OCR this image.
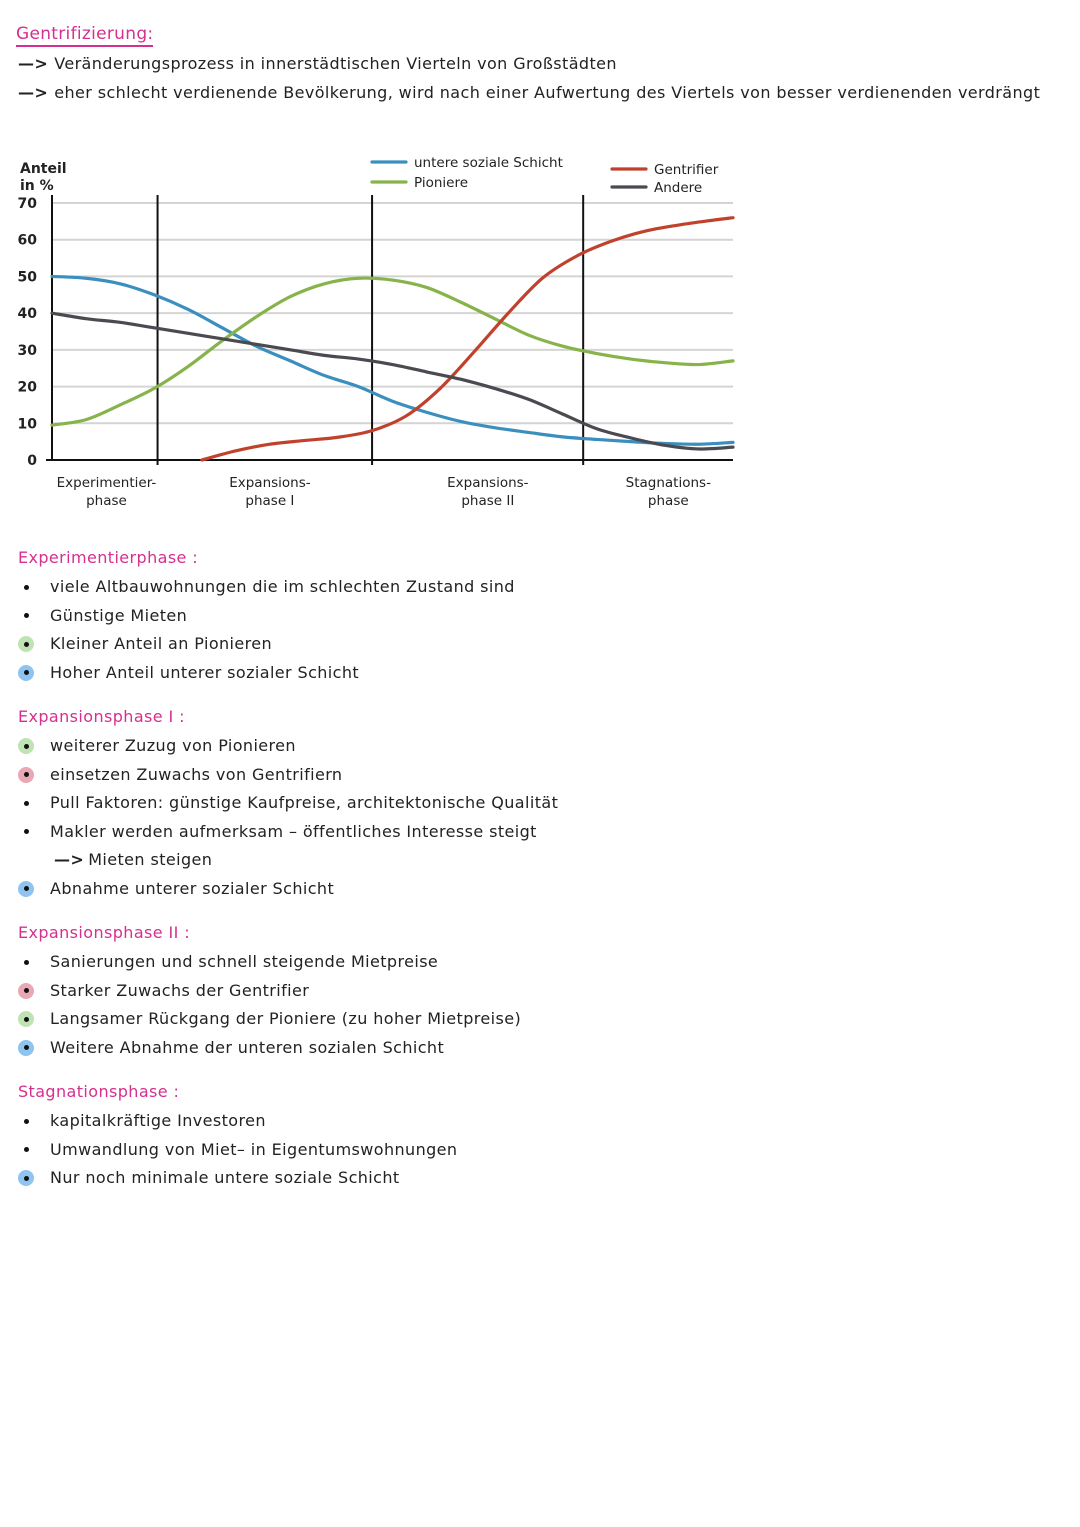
Gentrifizierung:
—> Veränderungsprozess in innerstädtischen Vierteln von Großstädten
—> eher schlecht verdienende Bevölkerung, wird nach einer Aufwertung des Viertels von besser verdienenden verdrängt
0
10
20
30
40
50
60
70
Anteil in %
Experimentier-phase
Expansions-phase I
Expansions-phase II
Stagnations-phase
untere soziale Schicht
Pioniere
Gentrifier
Andere
Experimentierphase :
viele Altbauwohnungen die im schlechten Zustand sind
Günstige Mieten
Kleiner Anteil an Pionieren
Hoher Anteil unterer sozialer Schicht
Expansionsphase I :
weiterer Zuzug von Pionieren
einsetzen Zuwachs von Gentrifiern
Pull Faktoren: günstige Kaufpreise, architektonische Qualität
Makler werden aufmerksam – öffentliches Interesse steigt
—> Mieten steigen
Abnahme unterer sozialer Schicht
Expansionsphase II :
Sanierungen und schnell steigende Mietpreise
Starker Zuwachs der Gentrifier
Langsamer Rückgang der Pioniere (zu hoher Mietpreise)
Weitere Abnahme der unteren sozialen Schicht
Stagnationsphase :
kapitalkräftige Investoren
Umwandlung von Miet– in Eigentumswohnungen
Nur noch minimale untere soziale Schicht
